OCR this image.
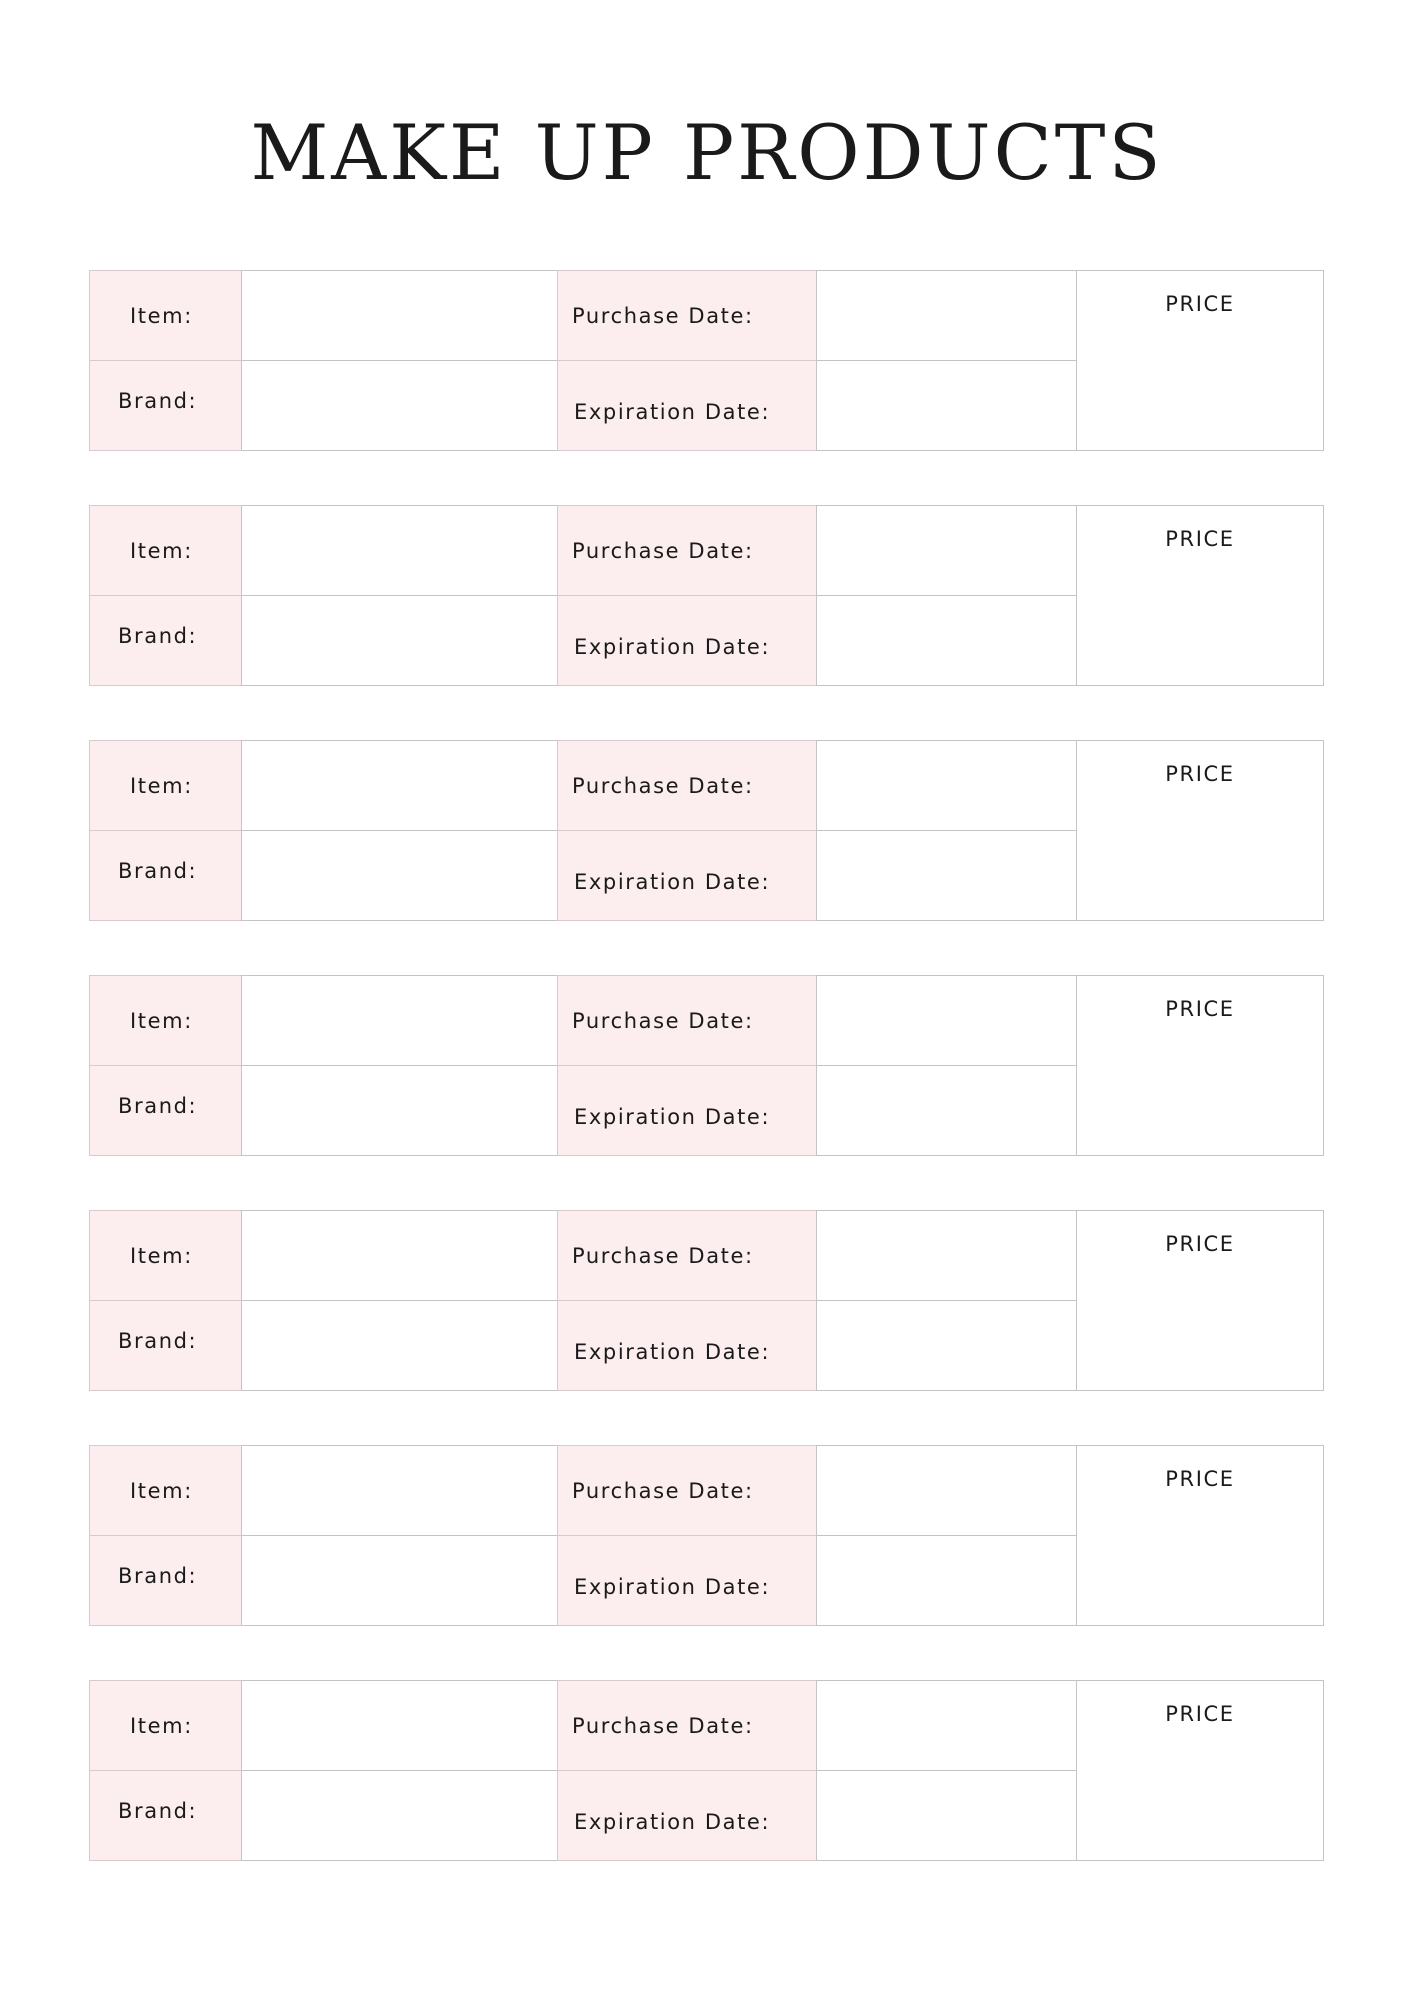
MAKE UP PRODUCTS
Item:
Brand:
Purchase Date:
Expiration Date:
PRICE
Item:
Brand:
Purchase Date:
Expiration Date:
PRICE
Item:
Brand:
Purchase Date:
Expiration Date:
PRICE
Item:
Brand:
Purchase Date:
Expiration Date:
PRICE
Item:
Brand:
Purchase Date:
Expiration Date:
PRICE
Item:
Brand:
Purchase Date:
Expiration Date:
PRICE
Item:
Brand:
Purchase Date:
Expiration Date:
PRICE
